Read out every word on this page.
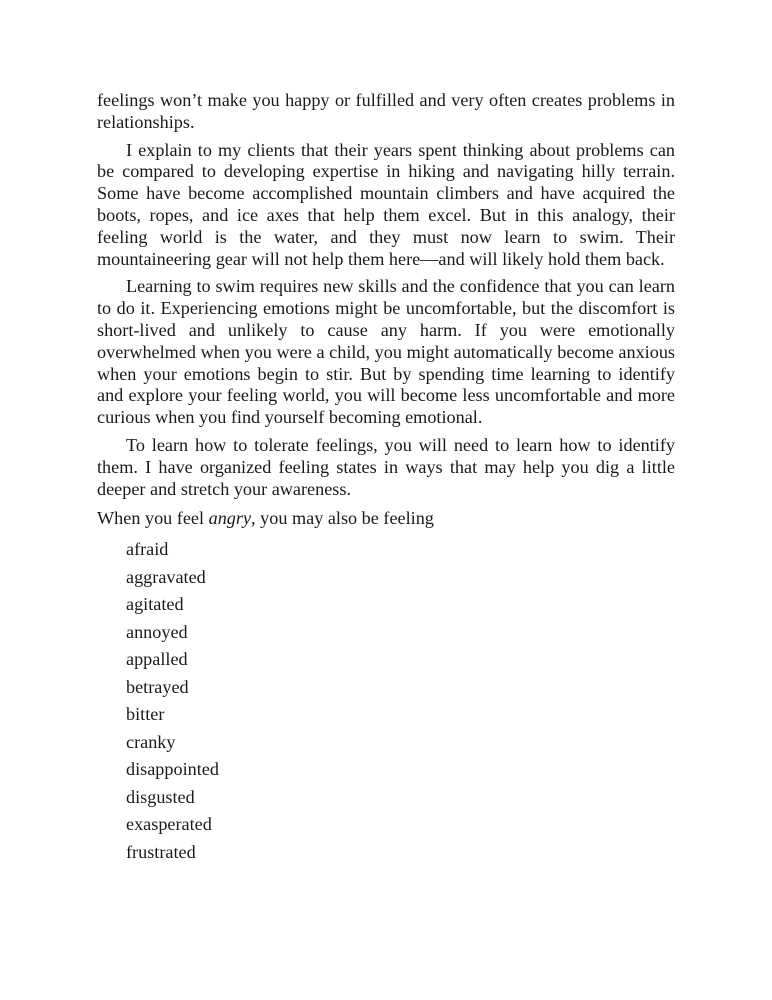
feelings won’t make you happy or fulfilled and very often creates problems in relationships.

I explain to my clients that their years spent thinking about problems can be compared to developing expertise in hiking and navigating hilly terrain. Some have become accomplished mountain climbers and have acquired the boots, ropes, and ice axes that help them excel. But in this analogy, their feeling world is the water, and they must now learn to swim. Their mountaineering gear will not help them here—and will likely hold them back.

Learning to swim requires new skills and the confidence that you can learn to do it. Experiencing emotions might be uncomfortable, but the discomfort is short-lived and unlikely to cause any harm. If you were emotionally overwhelmed when you were a child, you might automatically become anxious when your emotions begin to stir. But by spending time learning to identify and explore your feeling world, you will become less uncomfortable and more curious when you find yourself becoming emotional.

To learn how to tolerate feelings, you will need to learn how to identify them. I have organized feeling states in ways that may help you dig a little deeper and stretch your awareness.

When you feel angry, you may also be feeling

afraid
aggravated
agitated
annoyed
appalled
betrayed
bitter
cranky
disappointed
disgusted
exasperated
frustrated
